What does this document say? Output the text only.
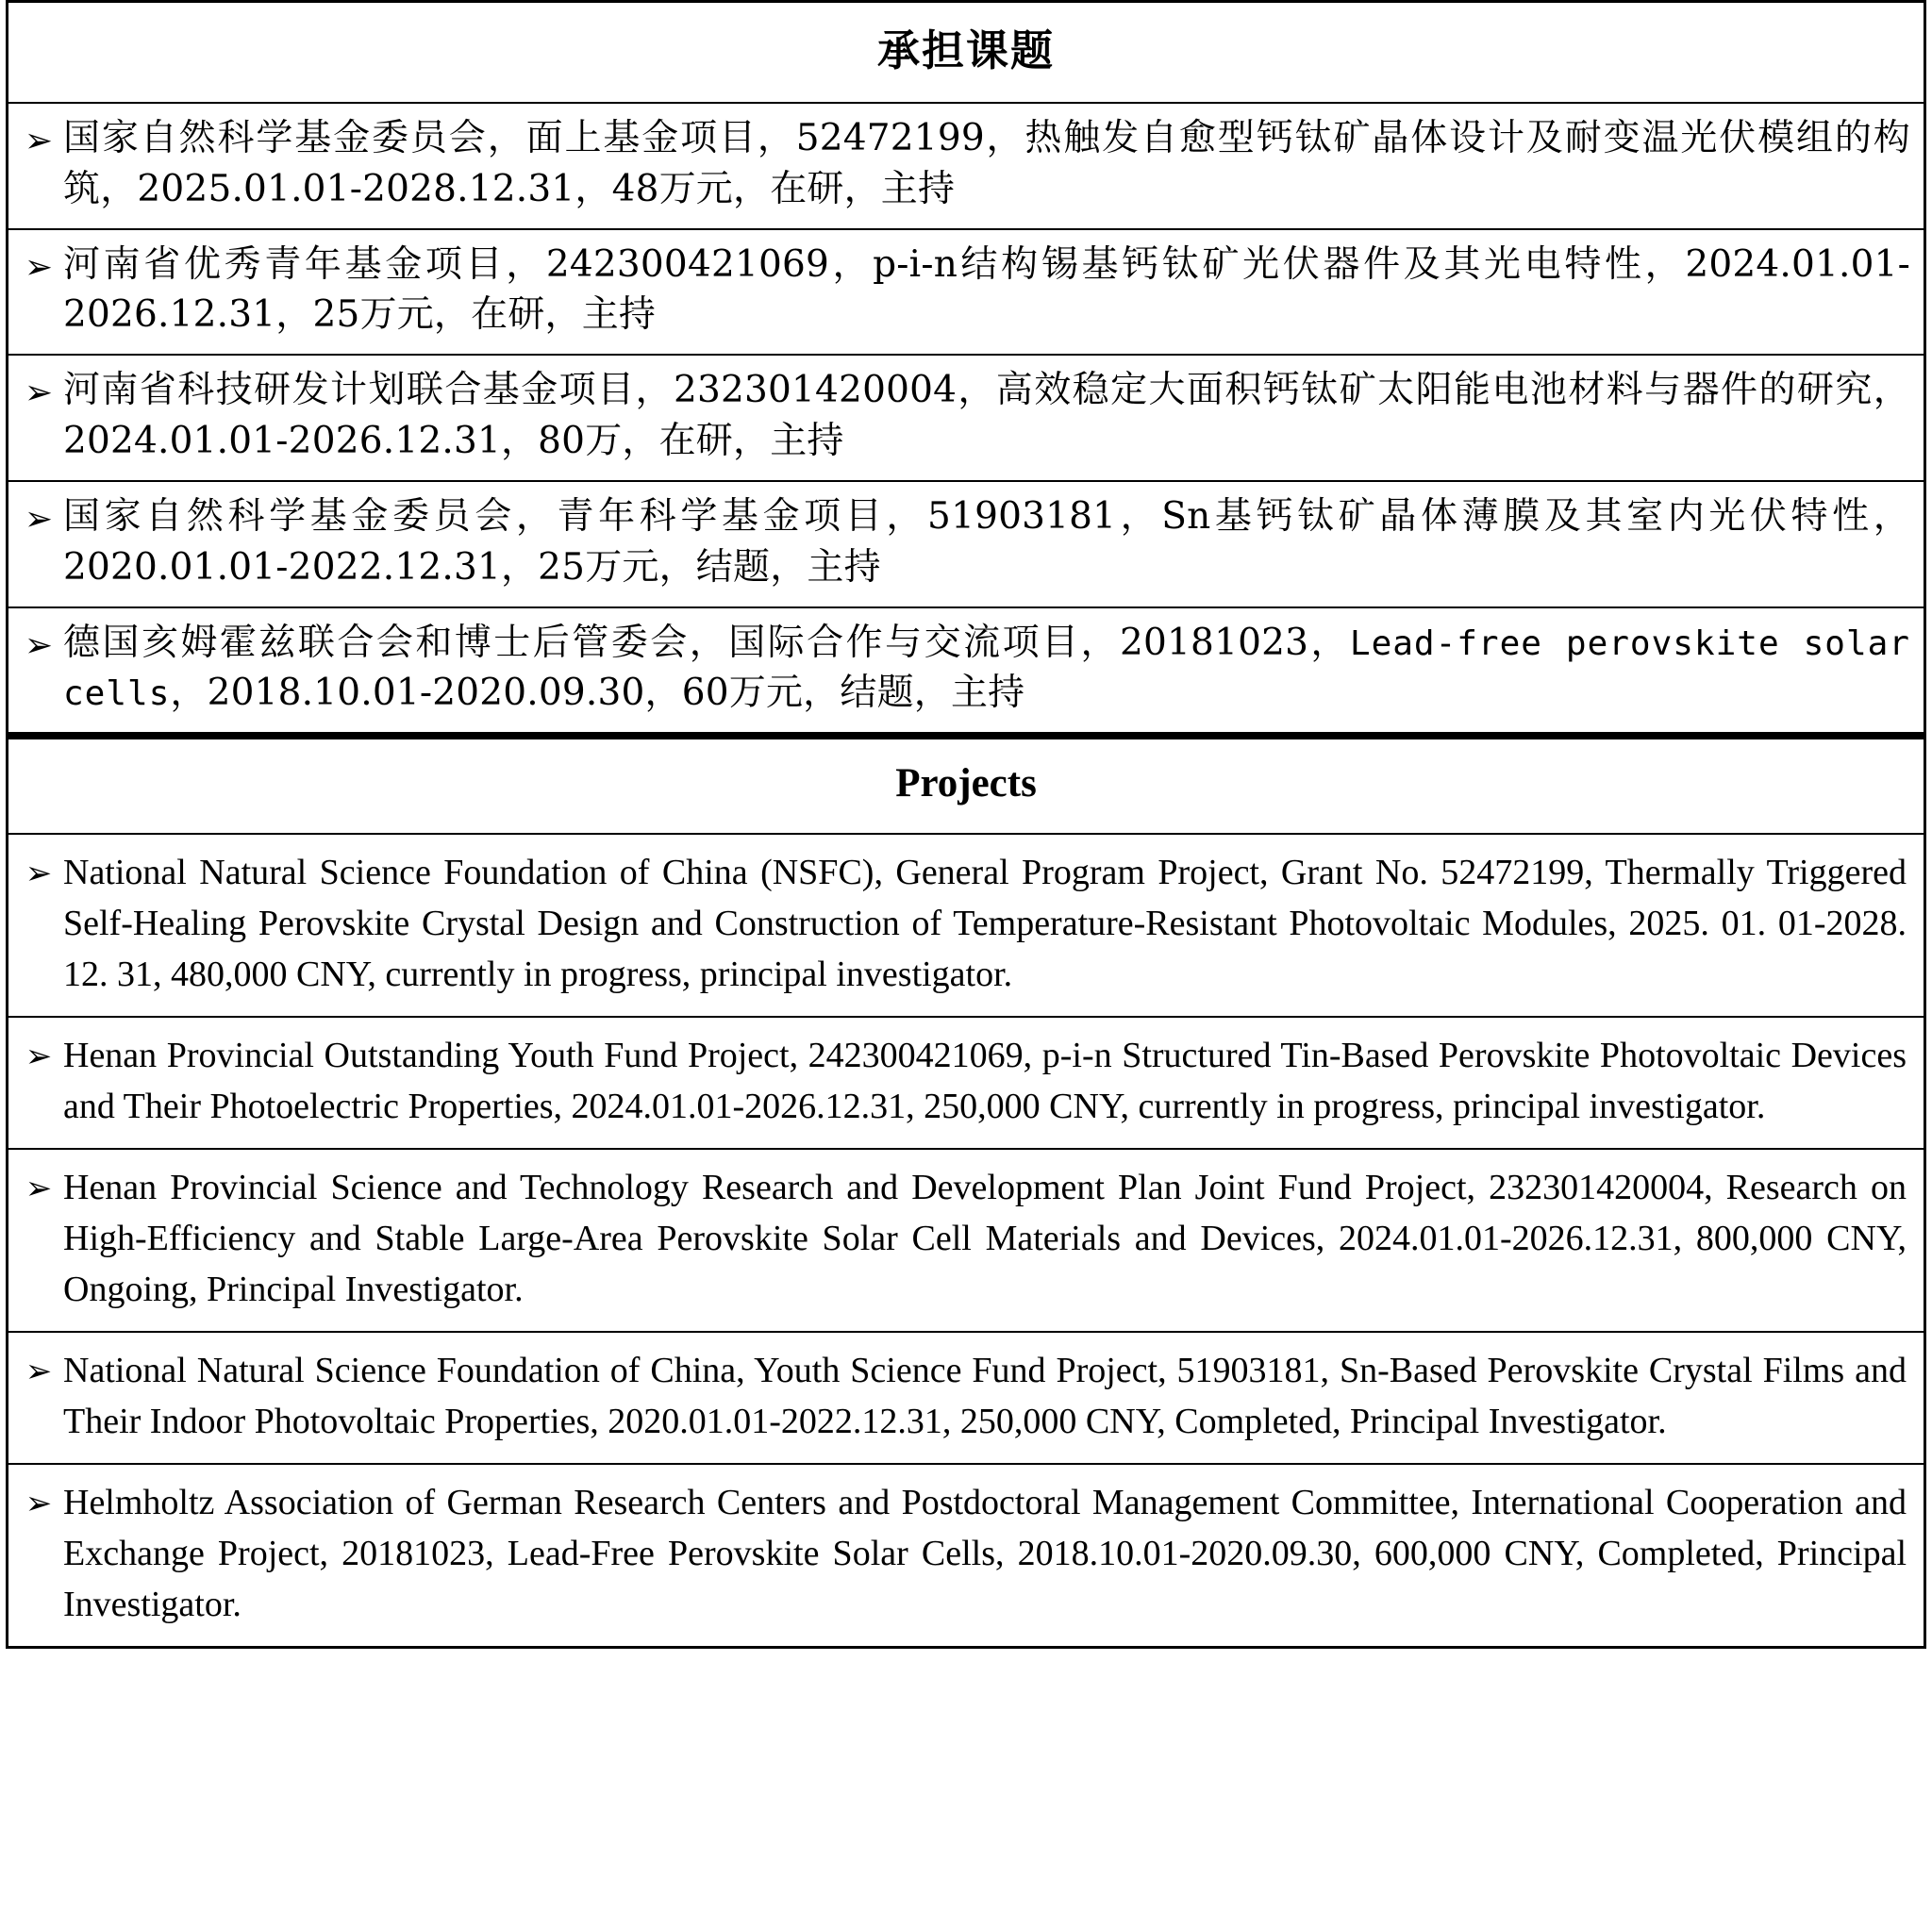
承担课题
➢ 国家自然科学基金委员会，面上基金项目，52472199，热触发自愈型钙钛矿晶体设计及耐变温光伏模组的构筑，2025.01.01-2028.12.31，48万元，在研，主持
➢ 河南省优秀青年基金项目，242300421069，p-i-n结构锡基钙钛矿光伏器件及其光电特性，2024.01.01-2026.12.31，25万元，在研，主持
➢ 河南省科技研发计划联合基金项目，232301420004，高效稳定大面积钙钛矿太阳能电池材料与器件的研究，2024.01.01-2026.12.31，80万，在研，主持
➢ 国家自然科学基金委员会，青年科学基金项目，51903181，Sn基钙钛矿晶体薄膜及其室内光伏特性，2020.01.01-2022.12.31，25万元，结题，主持
➢ 德国亥姆霍兹联合会和博士后管委会，国际合作与交流项目，20181023，Lead‑free perovskite solar cells，2018.10.01-2020.09.30，60万元，结题，主持
Projects
➢ National Natural Science Foundation of China (NSFC), General Program Project, Grant No. 52472199, Thermally Triggered Self-Healing Perovskite Crystal Design and Construction of Temperature-Resistant Photovoltaic Modules, 2025. 01. 01-2028. 12. 31, 480,000 CNY, currently in progress, principal investigator.
➢ Henan Provincial Outstanding Youth Fund Project, 242300421069, p-i-n Structured Tin-Based Perovskite Photovoltaic Devices and Their Photoelectric Properties, 2024.01.01-2026.12.31, 250,000 CNY, currently in progress, principal investigator.
➢ Henan Provincial Science and Technology Research and Development Plan Joint Fund Project, 232301420004, Research on High-Efficiency and Stable Large-Area Perovskite Solar Cell Materials and Devices, 2024.01.01-2026.12.31, 800,000 CNY, Ongoing, Principal Investigator.
➢ National Natural Science Foundation of China, Youth Science Fund Project, 51903181, Sn-Based Perovskite Crystal Films and Their Indoor Photovoltaic Properties, 2020.01.01-2022.12.31, 250,000 CNY, Completed, Principal Investigator.
➢ Helmholtz Association of German Research Centers and Postdoctoral Management Committee, International Cooperation and Exchange Project, 20181023, Lead-Free Perovskite Solar Cells, 2018.10.01-2020.09.30, 600,000 CNY, Completed, Principal Investigator.
